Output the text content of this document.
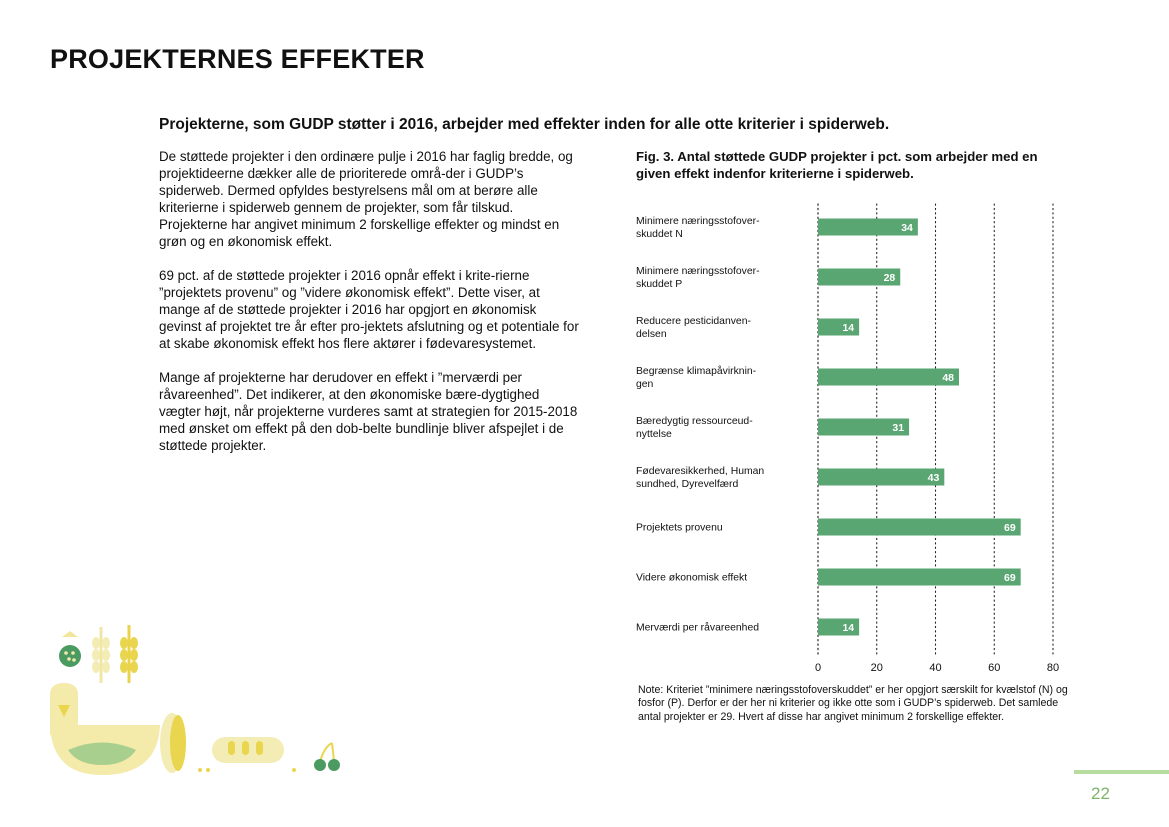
PROJEKTERNES EFFEKTER
Projekterne, som GUDP støtter i 2016, arbejder med effekter inden for alle otte kriterier i spiderweb.

De støttede projekter i den ordinære pulje i 2016 har faglig bredde, og projektideerne dækker alle de prioriterede områ-der i GUDP’s spiderweb. Dermed opfyldes bestyrelsens mål om at berøre alle kriterierne i spiderweb gennem de projekter, som får tilskud. Projekterne har angivet minimum 2 forskellige effekter og mindst en grøn og en økonomisk effekt.

69 pct. af de støttede projekter i 2016 opnår effekt i krite-rierne ”projektets provenu” og ”videre økonomisk effekt”. Dette viser, at mange af de støttede projekter i 2016 har opgjort en økonomisk gevinst af projektet tre år efter pro-jektets afslutning og et potentiale for at skabe økonomisk effekt hos flere aktører i fødevaresystemet.

Mange af projekterne har derudover en effekt i ”merværdi per råvareenhed”. Det indikerer, at den økonomiske bære-dygtighed vægter højt, når projekterne vurderes samt at strategien for 2015-2018 med ønsket om effekt på den dob-belte bundlinje bliver afspejlet i de støttede projekter.

Fig. 3. Antal støttede GUDP projekter i pct. som arbejder med en given effekt indenfor kriterierne i spiderweb.
0	20	40	60	80
34
Minimere næringsstofover-skuddet N
28
Minimere næringsstofover-skuddet P
14
Reducere pesticidanven-delsen
48
Begrænse klimapåvirknin-gen
31
Bæredygtig ressourceud-nyttelse
43
Fødevaresikkerhed, Human sundhed, Dyrevelfærd
69
Projektets provenu
69
Videre økonomisk effekt
14
Merværdi per råvareenhed
Note: Kriteriet ”minimere næringsstofoverskuddet” er her opgjort særskilt for kvælstof (N) og fosfor (P). Derfor er der her ni kriterier og ikke otte som i GUDP’s spiderweb. Det samlede antal projekter er 29. Hvert af disse har angivet minimum 2 forskellige effekter.
22
